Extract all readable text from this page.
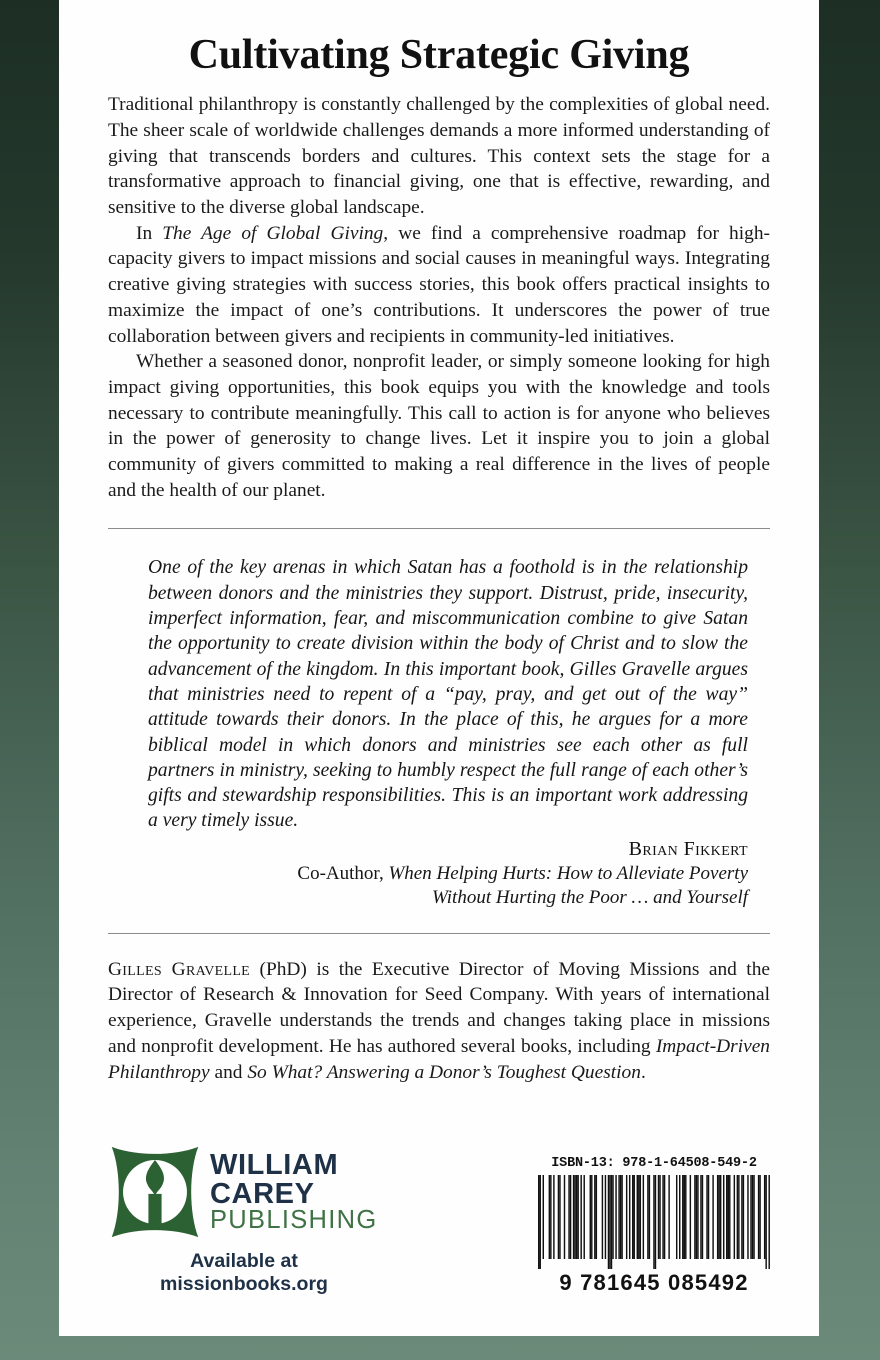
Cultivating Strategic Giving

Traditional philanthropy is constantly challenged by the complexities of global need. The sheer scale of worldwide challenges demands a more informed understanding of giving that transcends borders and cultures. This context sets the stage for a transformative approach to financial giving, one that is effective, rewarding, and sensitive to the diverse global landscape.

In The Age of Global Giving, we find a comprehensive roadmap for high-capacity givers to impact missions and social causes in meaningful ways. Integrating creative giving strategies with success stories, this book offers practical insights to maximize the impact of one’s contributions. It underscores the power of true collaboration between givers and recipients in community-led initiatives.

Whether a seasoned donor, nonprofit leader, or simply someone looking for high impact giving opportunities, this book equips you with the knowledge and tools necessary to contribute meaningfully. This call to action is for anyone who believes in the power of generosity to change lives. Let it inspire you to join a global community of givers committed to making a real difference in the lives of people and the health of our planet.

One of the key arenas in which Satan has a foothold is in the relationship between donors and the ministries they support. Distrust, pride, insecurity, imperfect information, fear, and miscommunication combine to give Satan the opportunity to create division within the body of Christ and to slow the advancement of the kingdom. In this important book, Gilles Gravelle argues that ministries need to repent of a “pay, pray, and get out of the way” attitude towards their donors. In the place of this, he argues for a more biblical model in which donors and ministries see each other as full partners in ministry, seeking to humbly respect the full range of each other’s gifts and stewardship responsibilities. This is an important work addressing a very timely issue.
Brian Fikkert
Co-Author, When Helping Hurts: How to Alleviate Poverty
Without Hurting the Poor … and Yourself
Gilles Gravelle (PhD) is the Executive Director of Moving Missions and the Director of Research & Innovation for Seed Company. With years of international experience, Gravelle understands the trends and changes taking place in missions and nonprofit development. He has authored several books, including Impact-Driven Philanthropy and So What? Answering a Donor’s Toughest Question.
WILLIAM
CAREY
PUBLISHING
Available at missionbooks.org
ISBN-13: 978-1-64508-549-2
9 781645 085492
